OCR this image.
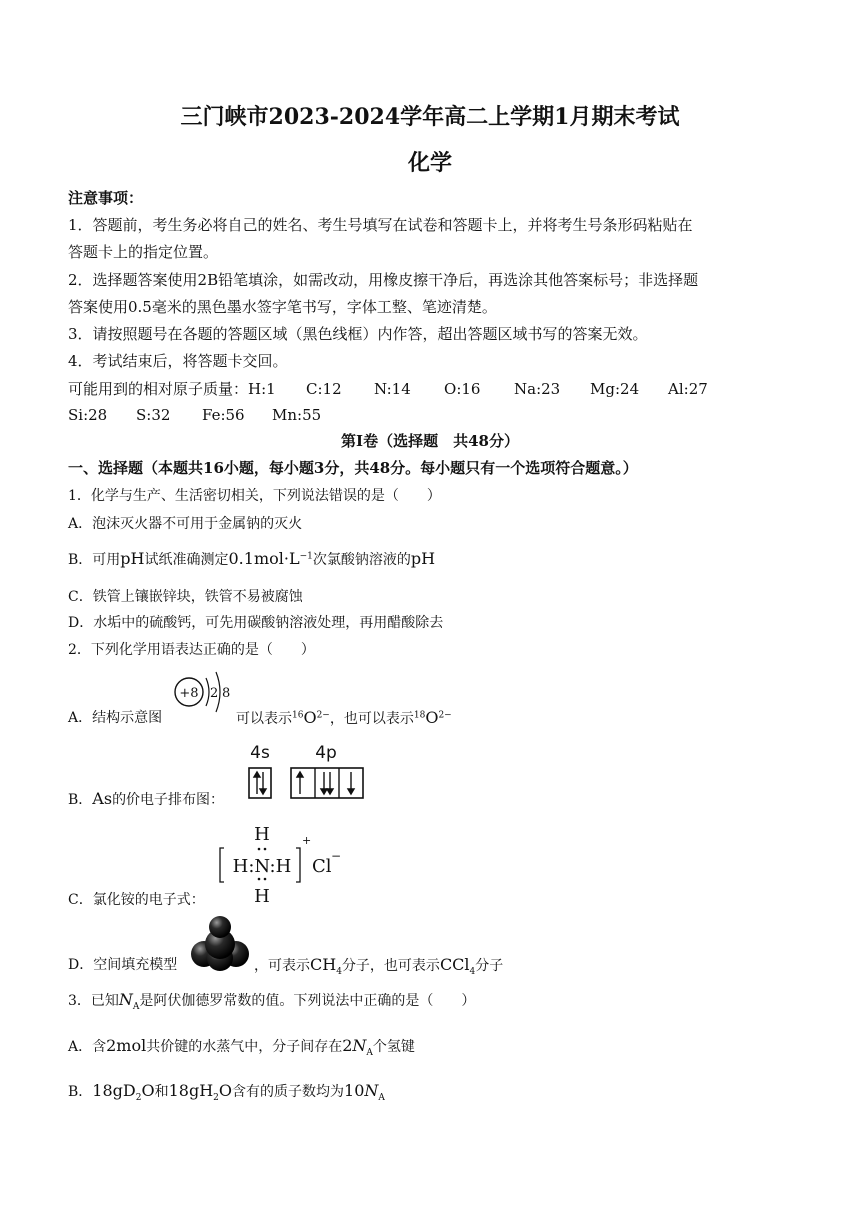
三门峡市2023-2024学年高二上学期1月期末考试
化学
注意事项：
1．答题前，考生务必将自己的姓名、考生号填写在试卷和答题卡上，并将考生号条形码粘贴在
答题卡上的指定位置。
2．选择题答案使用2B铅笔填涂，如需改动，用橡皮擦干净后，再选涂其他答案标号；非选择题
答案使用0.5毫米的黑色墨水签字笔书写，字体工整、笔迹清楚。
3．请按照题号在各题的答题区域（黑色线框）内作答，超出答题区域书写的答案无效。
4．考试结束后，将答题卡交回。
可能用到的相对原子质量：H:1 C:12 N:14 O:16 Na:23 Mg:24 Al:27
Si:28 S:32 Fe:56 Mn:55
第Ⅰ卷（选择题　共48分）
一、选择题（本题共16小题，每小题3分，共48分。每小题只有一个选项符合题意。）
1．化学与生产、生活密切相关，下列说法错误的是（　　）
A．泡沫灭火器不可用于金属钠的灭火
B．可用pH试纸准确测定$0.1mol\cdot L^{-1}$次氯酸钠溶液的pH
C．铁管上镶嵌锌块，铁管不易被腐蚀
D．水垢中的硫酸钙，可先用碳酸钠溶液处理，再用醋酸除去
2．下列化学用语表达正确的是（　　）
A．结构示意图
+8 2 8
可以表示$^{16}O^{2-}$，也可以表示$^{18}O^{2-}$
B．As的价电子排布图：
4s	4p
C．氯化铵的电子式：
H
H:N:H
H
+
Cl −
D．空间填充模型	，可表示$CH_4$分子，也可表示CCl$_4$分子
3．已知$N_A$是阿伏伽德罗常数的值。下列说法中正确的是（　　）
A．含2mol共价键的水蒸气中，分子间存在$2N_A$个氢键
B．$18gD_2O$和$18gH_2O$含有的质子数均为$10N_A$
